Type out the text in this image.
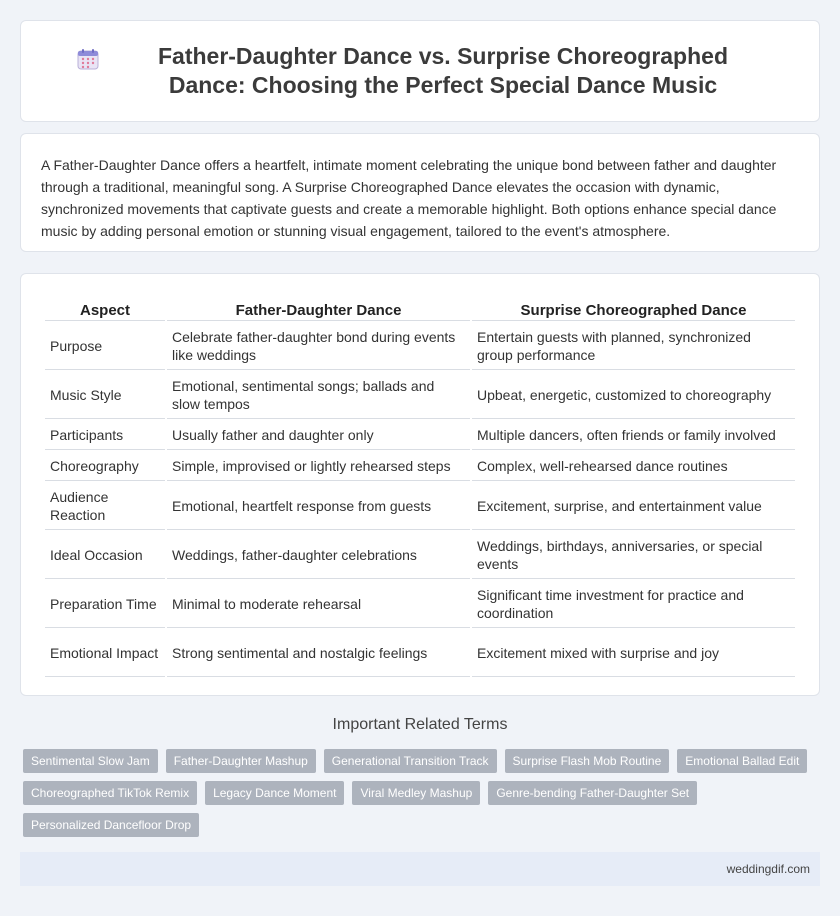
Father-Daughter Dance vs. Surprise Choreographed Dance: Choosing the Perfect Special Dance Music

A Father-Daughter Dance offers a heartfelt, intimate moment celebrating the unique bond between father and daughter through a traditional, meaningful song. A Surprise Choreographed Dance elevates the occasion with dynamic, synchronized movements that captivate guests and create a memorable highlight. Both options enhance special dance music by adding personal emotion or stunning visual engagement, tailored to the event's atmosphere.

Aspect	Father-Daughter Dance	Surprise Choreographed Dance
Purpose	Celebrate father-daughter bond during events like weddings	Entertain guests with planned, synchronized group performance
Music Style	Emotional, sentimental songs; ballads and slow tempos	Upbeat, energetic, customized to choreography
Participants	Usually father and daughter only	Multiple dancers, often friends or family involved
Choreography	Simple, improvised or lightly rehearsed steps	Complex, well-rehearsed dance routines
Audience Reaction	Emotional, heartfelt response from guests	Excitement, surprise, and entertainment value
Ideal Occasion	Weddings, father-daughter celebrations	Weddings, birthdays, anniversaries, or special events
Preparation Time	Minimal to moderate rehearsal	Significant time investment for practice and coordination
Emotional Impact	Strong sentimental and nostalgic feelings	Excitement mixed with surprise and joy
Important Related Terms
Sentimental Slow Jam	Father-Daughter Mashup	Generational Transition Track	Surprise Flash Mob Routine	Emotional Ballad Edit
Choreographed TikTok Remix	Legacy Dance Moment	Viral Medley Mashup	Genre-bending Father-Daughter Set
Personalized Dancefloor Drop
weddingdif.com
